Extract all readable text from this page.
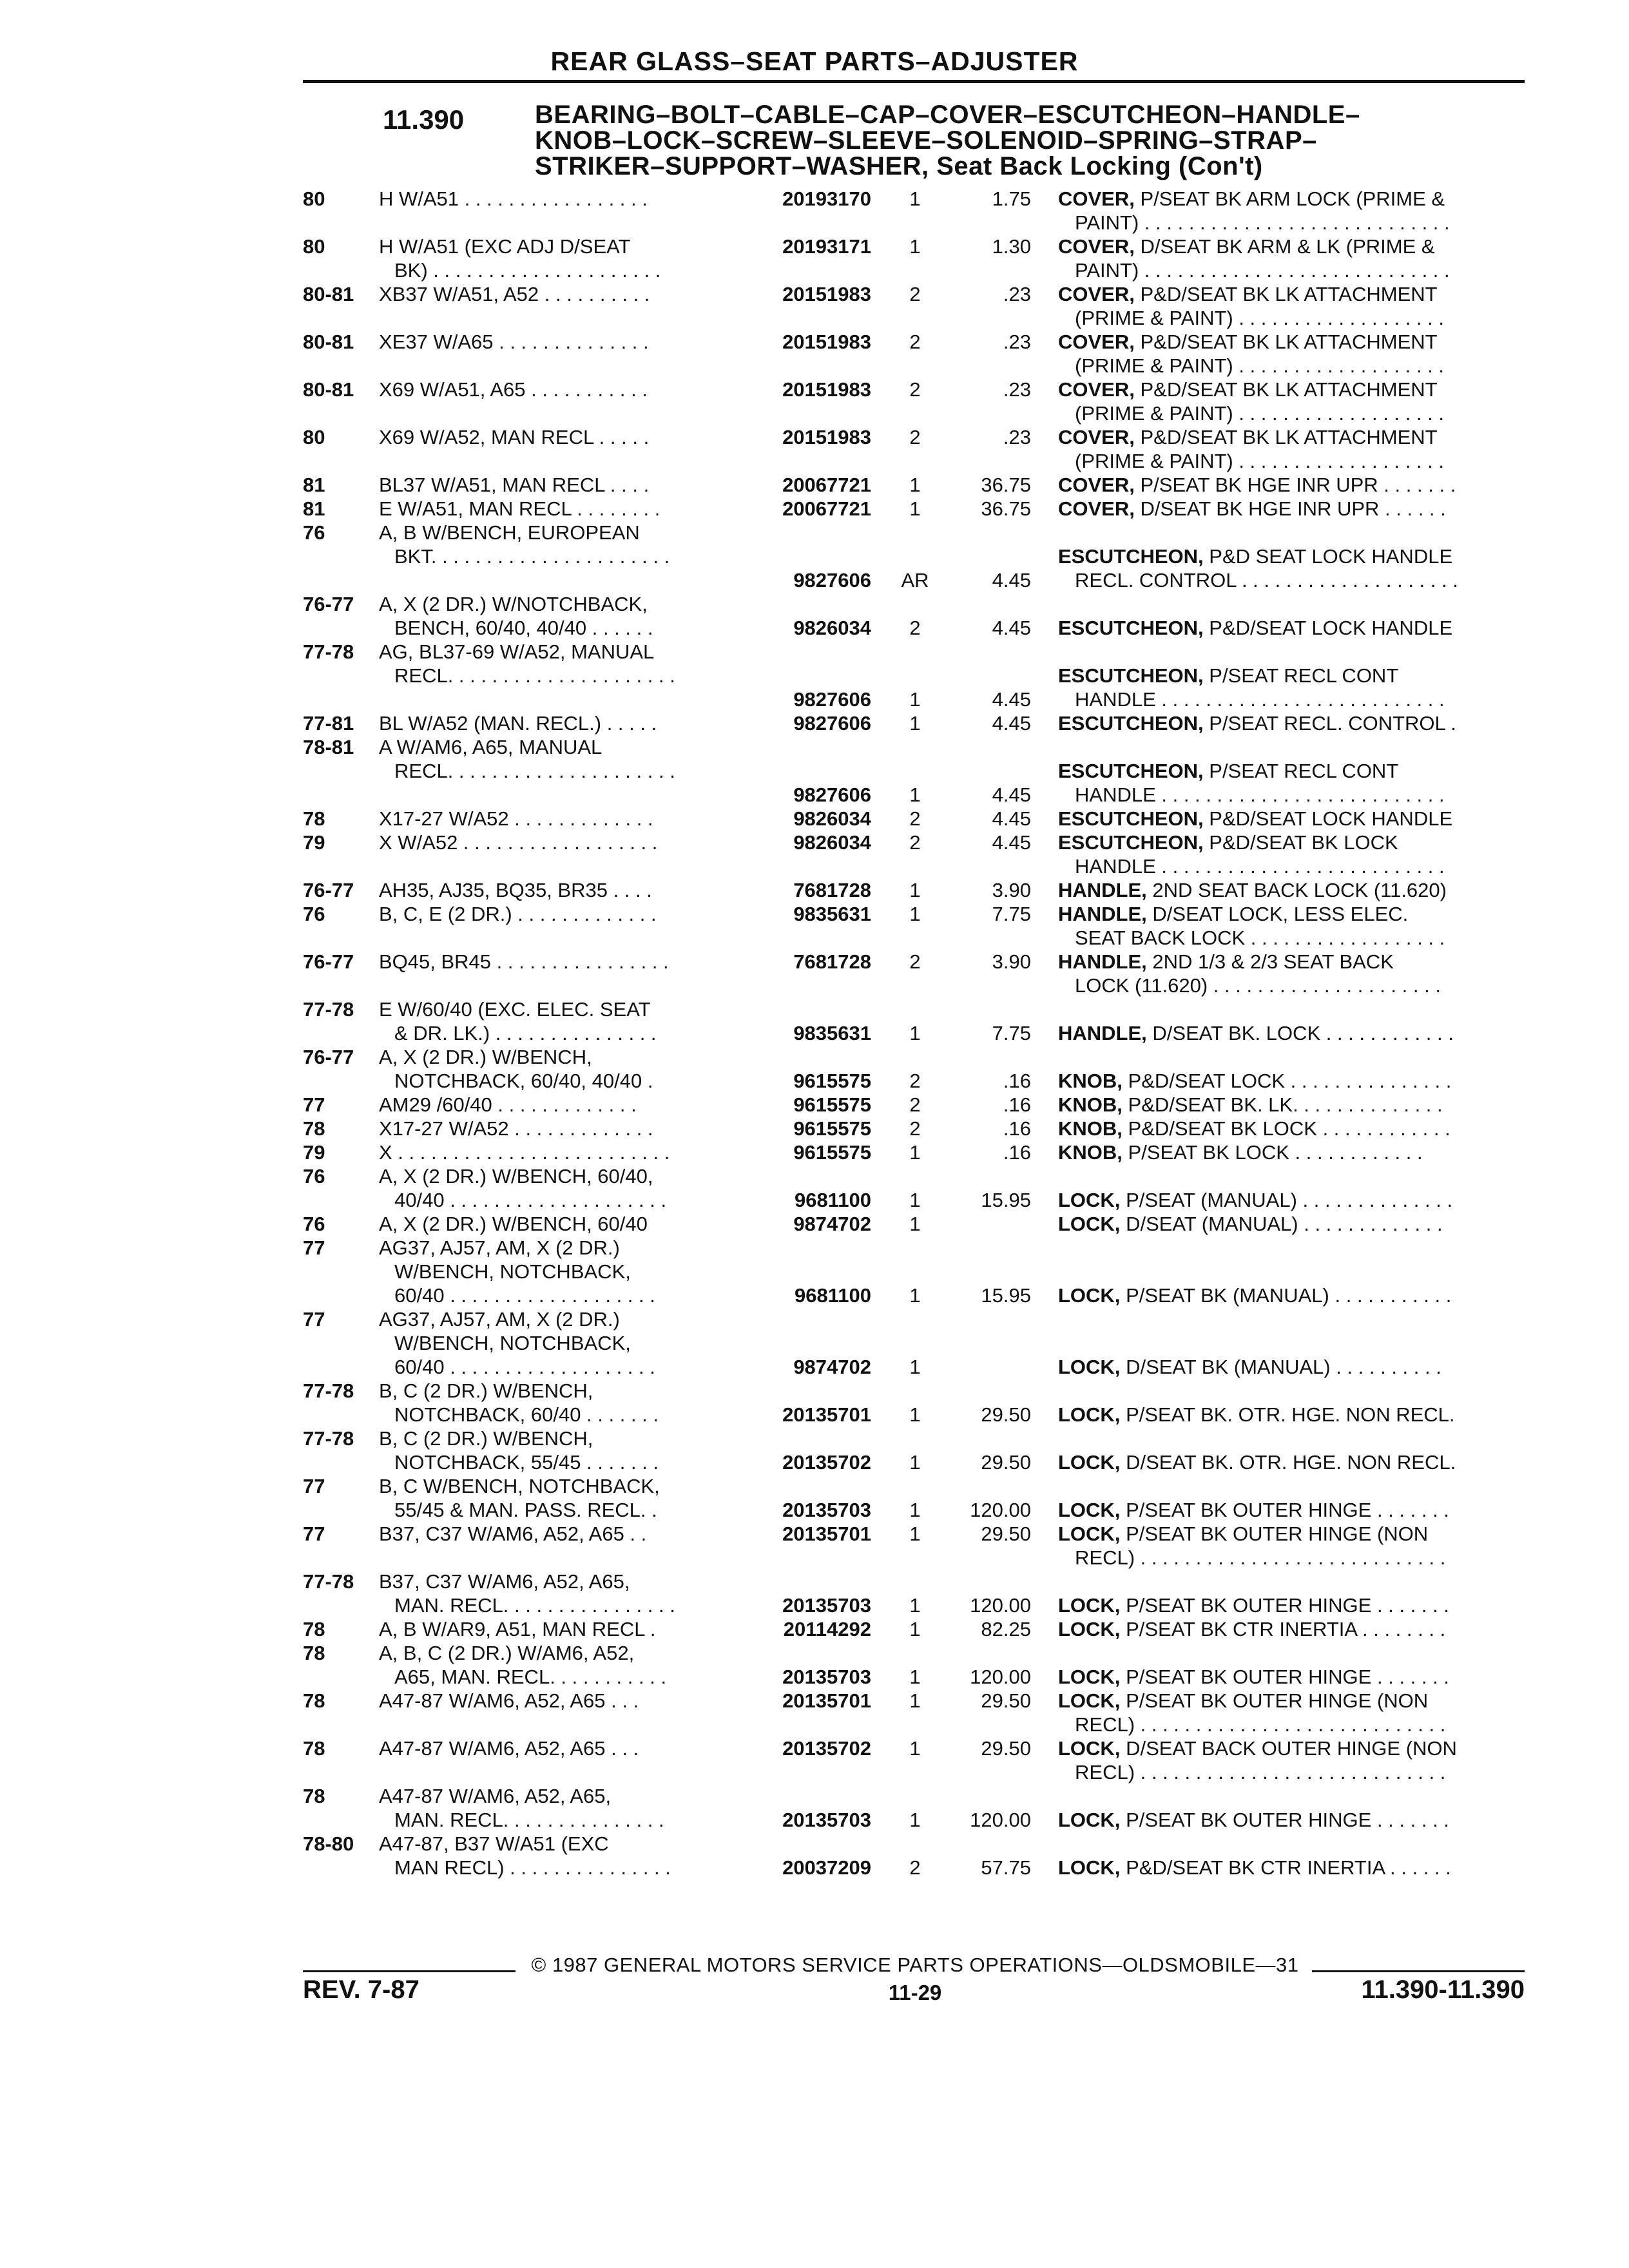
REAR GLASS–SEAT PARTS–ADJUSTER
11.390	BEARING–BOLT–CABLE–CAP–COVER–ESCUTCHEON–HANDLE–
KNOB–LOCK–SCREW–SLEEVE–SOLENOID–SPRING–STRAP–
STRIKER–SUPPORT–WASHER, Seat Back Locking (Con't)
80	H W/A51 . . . . . . . . . . . . . . . . .	20193170	1	1.75		COVER, P/SEAT BK ARM LOCK (PRIME &
PAINT) . . . . . . . . . . . . . . . . . . . . . . . . . . . .

80	H W/A51 (EXC ADJ D/SEAT
BK) . . . . . . . . . . . . . . . . . . . . .	20193171	1	1.30		COVER, D/SEAT BK ARM & LK (PRIME &
PAINT) . . . . . . . . . . . . . . . . . . . . . . . . . . . .

80-81	XB37 W/A51, A52 . . . . . . . . . .	20151983	2	.23		COVER, P&D/SEAT BK LK ATTACHMENT
(PRIME & PAINT) . . . . . . . . . . . . . . . . . . .

80-81	XE37 W/A65 . . . . . . . . . . . . . .	20151983	2	.23		COVER, P&D/SEAT BK LK ATTACHMENT
(PRIME & PAINT) . . . . . . . . . . . . . . . . . . .

80-81	X69 W/A51, A65 . . . . . . . . . . .	20151983	2	.23		COVER, P&D/SEAT BK LK ATTACHMENT
(PRIME & PAINT) . . . . . . . . . . . . . . . . . . .

80	X69 W/A52, MAN RECL . . . . .	20151983	2	.23		COVER, P&D/SEAT BK LK ATTACHMENT
(PRIME & PAINT) . . . . . . . . . . . . . . . . . . .

81	BL37 W/A51, MAN RECL . . . .	20067721	1	36.75		COVER, P/SEAT BK HGE INR UPR . . . . . . .

81	E W/A51, MAN RECL . . . . . . . .	20067721	1	36.75		COVER, D/SEAT BK HGE INR UPR . . . . . .

76	A, B W/BENCH, EUROPEAN
BKT. . . . . . . . . . . . . . . . . . . . . .	9827606	AR	4.45		ESCUTCHEON, P&D SEAT LOCK HANDLE
RECL. CONTROL . . . . . . . . . . . . . . . . . . . .

76-77	A, X (2 DR.) W/NOTCHBACK,
BENCH, 60/40, 40/40 . . . . . .	9826034	2	4.45		ESCUTCHEON, P&D/SEAT LOCK HANDLE

77-78	AG, BL37-69 W/A52, MANUAL
RECL. . . . . . . . . . . . . . . . . . . . .	9827606	1	4.45		ESCUTCHEON, P/SEAT RECL CONT
HANDLE . . . . . . . . . . . . . . . . . . . . . . . . . .

77-81	BL W/A52 (MAN. RECL.) . . . . .	9827606	1	4.45		ESCUTCHEON, P/SEAT RECL. CONTROL .

78-81	A W/AM6, A65, MANUAL
RECL. . . . . . . . . . . . . . . . . . . . .	9827606	1	4.45		ESCUTCHEON, P/SEAT RECL CONT
HANDLE . . . . . . . . . . . . . . . . . . . . . . . . . .

78	X17-27 W/A52 . . . . . . . . . . . . .	9826034	2	4.45		ESCUTCHEON, P&D/SEAT LOCK HANDLE

79	X W/A52 . . . . . . . . . . . . . . . . . .	9826034	2	4.45		ESCUTCHEON, P&D/SEAT BK LOCK
HANDLE . . . . . . . . . . . . . . . . . . . . . . . . . .

76-77	AH35, AJ35, BQ35, BR35 . . . .	7681728	1	3.90		HANDLE, 2ND SEAT BACK LOCK (11.620)

76	B, C, E (2 DR.) . . . . . . . . . . . . .	9835631	1	7.75		HANDLE, D/SEAT LOCK, LESS ELEC.
SEAT BACK LOCK . . . . . . . . . . . . . . . . . .

76-77	BQ45, BR45 . . . . . . . . . . . . . . . .	7681728	2	3.90		HANDLE, 2ND 1/3 & 2/3 SEAT BACK
LOCK (11.620) . . . . . . . . . . . . . . . . . . . . .

77-78	E W/60/40 (EXC. ELEC. SEAT
& DR. LK.) . . . . . . . . . . . . . . .	9835631	1	7.75		HANDLE, D/SEAT BK. LOCK . . . . . . . . . . . .

76-77	A, X (2 DR.) W/BENCH,
NOTCHBACK, 60/40, 40/40 .	9615575	2	.16		KNOB, P&D/SEAT LOCK . . . . . . . . . . . . . . .

77	AM29 /60/40 . . . . . . . . . . . . .	9615575	2	.16		KNOB, P&D/SEAT BK. LK. . . . . . . . . . . . . .

78	X17-27 W/A52 . . . . . . . . . . . . .	9615575	2	.16		KNOB, P&D/SEAT BK LOCK . . . . . . . . . . . .

79	X . . . . . . . . . . . . . . . . . . . . . . . . .	9615575	1	.16		KNOB, P/SEAT BK LOCK . . . . . . . . . . . .

76	A, X (2 DR.) W/BENCH, 60/40,
40/40 . . . . . . . . . . . . . . . . . . . .	9681100	1	15.95		LOCK, P/SEAT (MANUAL) . . . . . . . . . . . . . .

76	A, X (2 DR.) W/BENCH, 60/40	9874702	1			LOCK, D/SEAT (MANUAL) . . . . . . . . . . . . .

77	AG37, AJ57, AM, X (2 DR.)
W/BENCH, NOTCHBACK,
60/40 . . . . . . . . . . . . . . . . . . .	9681100	1	15.95		LOCK, P/SEAT BK (MANUAL) . . . . . . . . . . .

77	AG37, AJ57, AM, X (2 DR.)
W/BENCH, NOTCHBACK,
60/40 . . . . . . . . . . . . . . . . . . .	9874702	1			LOCK, D/SEAT BK (MANUAL) . . . . . . . . . .

77-78	B, C (2 DR.) W/BENCH,
NOTCHBACK, 60/40 . . . . . . .	20135701	1	29.50		LOCK, P/SEAT BK. OTR. HGE. NON RECL.

77-78	B, C (2 DR.) W/BENCH,
NOTCHBACK, 55/45 . . . . . . .	20135702	1	29.50		LOCK, D/SEAT BK. OTR. HGE. NON RECL.

77	B, C W/BENCH, NOTCHBACK,
55/45 & MAN. PASS. RECL. .	20135703	1	120.00		LOCK, P/SEAT BK OUTER HINGE . . . . . . .

77	B37, C37 W/AM6, A52, A65 . .	20135701	1	29.50		LOCK, P/SEAT BK OUTER HINGE (NON
RECL) . . . . . . . . . . . . . . . . . . . . . . . . . . . .

77-78	B37, C37 W/AM6, A52, A65,
MAN. RECL. . . . . . . . . . . . . . . .	20135703	1	120.00		LOCK, P/SEAT BK OUTER HINGE . . . . . . .

78	A, B W/AR9, A51, MAN RECL .	20114292	1	82.25		LOCK, P/SEAT BK CTR INERTIA . . . . . . . .

78	A, B, C (2 DR.) W/AM6, A52,
A65, MAN. RECL. . . . . . . . . . .	20135703	1	120.00		LOCK, P/SEAT BK OUTER HINGE . . . . . . .

78	A47-87 W/AM6, A52, A65 . . .	20135701	1	29.50		LOCK, P/SEAT BK OUTER HINGE (NON
RECL) . . . . . . . . . . . . . . . . . . . . . . . . . . . .

78	A47-87 W/AM6, A52, A65 . . .	20135702	1	29.50		LOCK, D/SEAT BACK OUTER HINGE (NON
RECL) . . . . . . . . . . . . . . . . . . . . . . . . . . . .

78	A47-87 W/AM6, A52, A65,
MAN. RECL. . . . . . . . . . . . . . .	20135703	1	120.00		LOCK, P/SEAT BK OUTER HINGE . . . . . . .

78-80	A47-87, B37 W/A51 (EXC
MAN RECL) . . . . . . . . . . . . . . .	20037209	2	57.75		LOCK, P&D/SEAT BK CTR INERTIA . . . . . .
© 1987 GENERAL MOTORS SERVICE PARTS OPERATIONS—OLDSMOBILE—31
REV. 7-87	11-29	11.390-11.390
